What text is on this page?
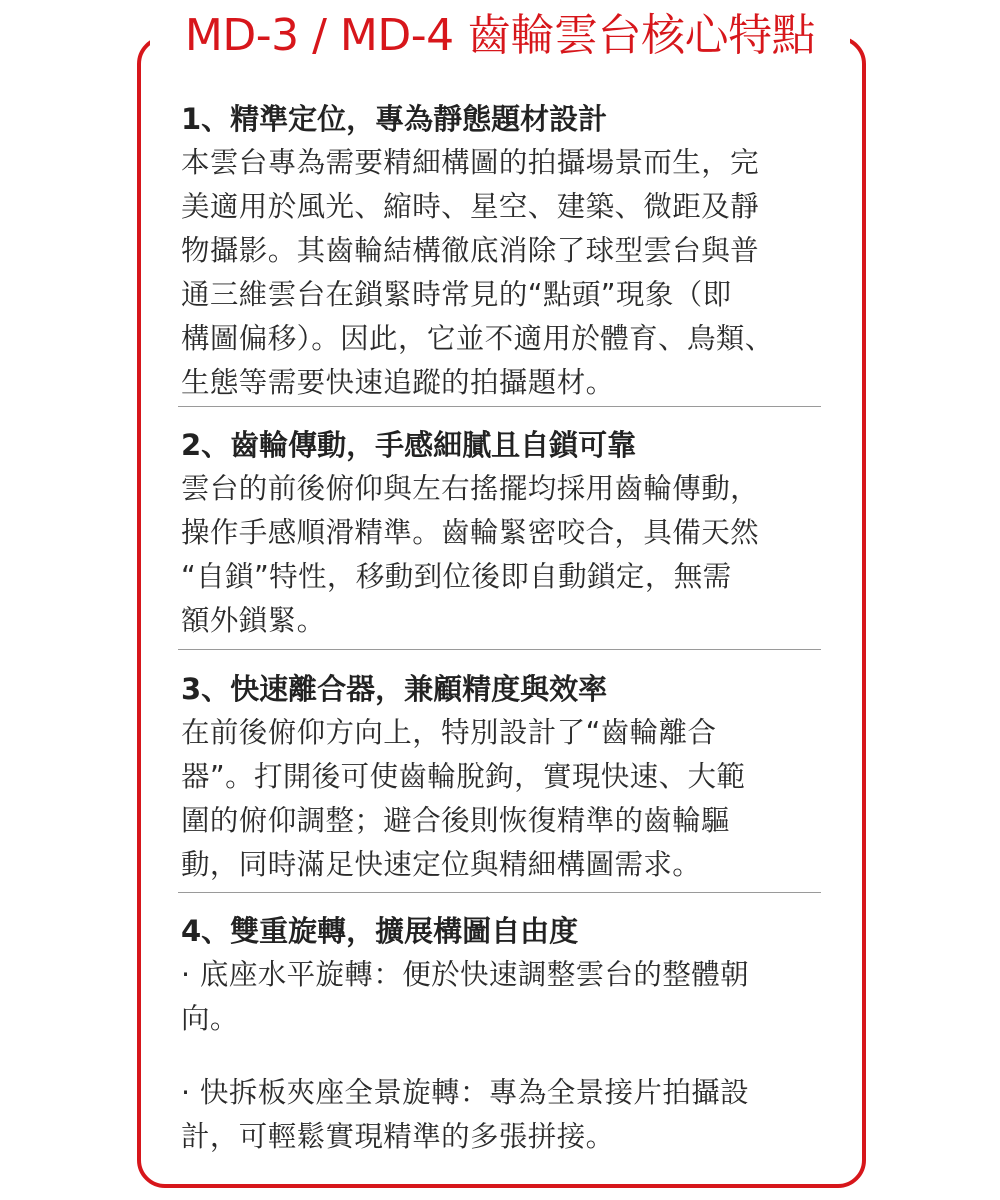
MD-3 / MD-4 齒輪雲台核心特點
1、精準定位，專為靜態題材設計
本雲台專為需要精細構圖的拍攝場景而生，完
美適用於風光、縮時、星空、建築、微距及靜
物攝影。其齒輪結構徹底消除了球型雲台與普
通三維雲台在鎖緊時常見的“點頭”現象（即
構圖偏移）。因此，它並不適用於體育、鳥類、
生態等需要快速追蹤的拍攝題材。
2、齒輪傳動，手感細膩且自鎖可靠
雲台的前後俯仰與左右搖擺均採用齒輪傳動，
操作手感順滑精準。齒輪緊密咬合，具備天然
“自鎖”特性，移動到位後即自動鎖定，無需
額外鎖緊。
3、快速離合器，兼顧精度與效率
在前後俯仰方向上，特別設計了“齒輪離合
器”。打開後可使齒輪脫鉤，實現快速、大範
圍的俯仰調整；避合後則恢復精準的齒輪驅
動，同時滿足快速定位與精細構圖需求。
4、雙重旋轉，擴展構圖自由度
· 底座水平旋轉：便於快速調整雲台的整體朝
向。
· 快拆板夾座全景旋轉：專為全景接片拍攝設
計，可輕鬆實現精準的多張拼接。
